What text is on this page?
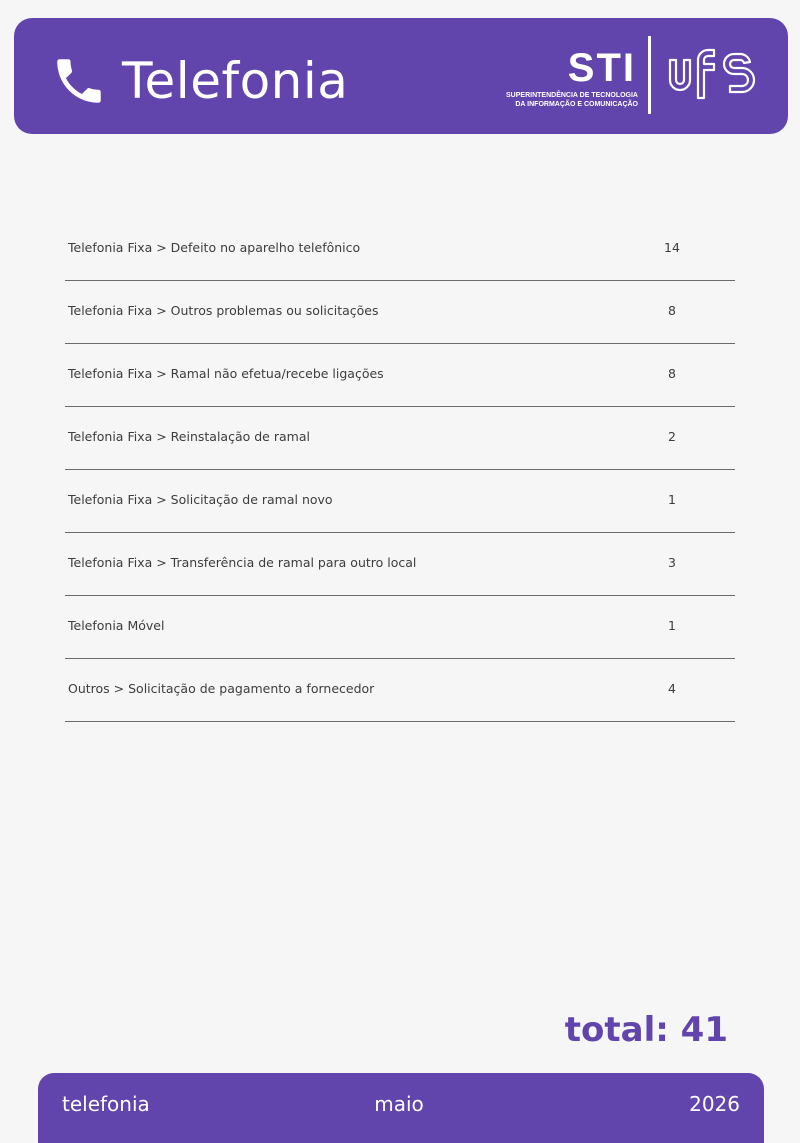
Telefonia	STI
SUPERINTENDÊNCIA DE TECNOLOGIA
DA INFORMAÇÃO E COMUNICAÇÃO
Telefonia Fixa > Defeito no aparelho telefônico	14
Telefonia Fixa > Outros problemas ou solicitações	8
Telefonia Fixa > Ramal não efetua/recebe ligações	8
Telefonia Fixa > Reinstalação de ramal	2
Telefonia Fixa > Solicitação de ramal novo	1
Telefonia Fixa > Transferência de ramal para outro local	3
Telefonia Móvel	1
Outros > Solicitação de pagamento a fornecedor	4
total: 41
telefonia	maio	2026
